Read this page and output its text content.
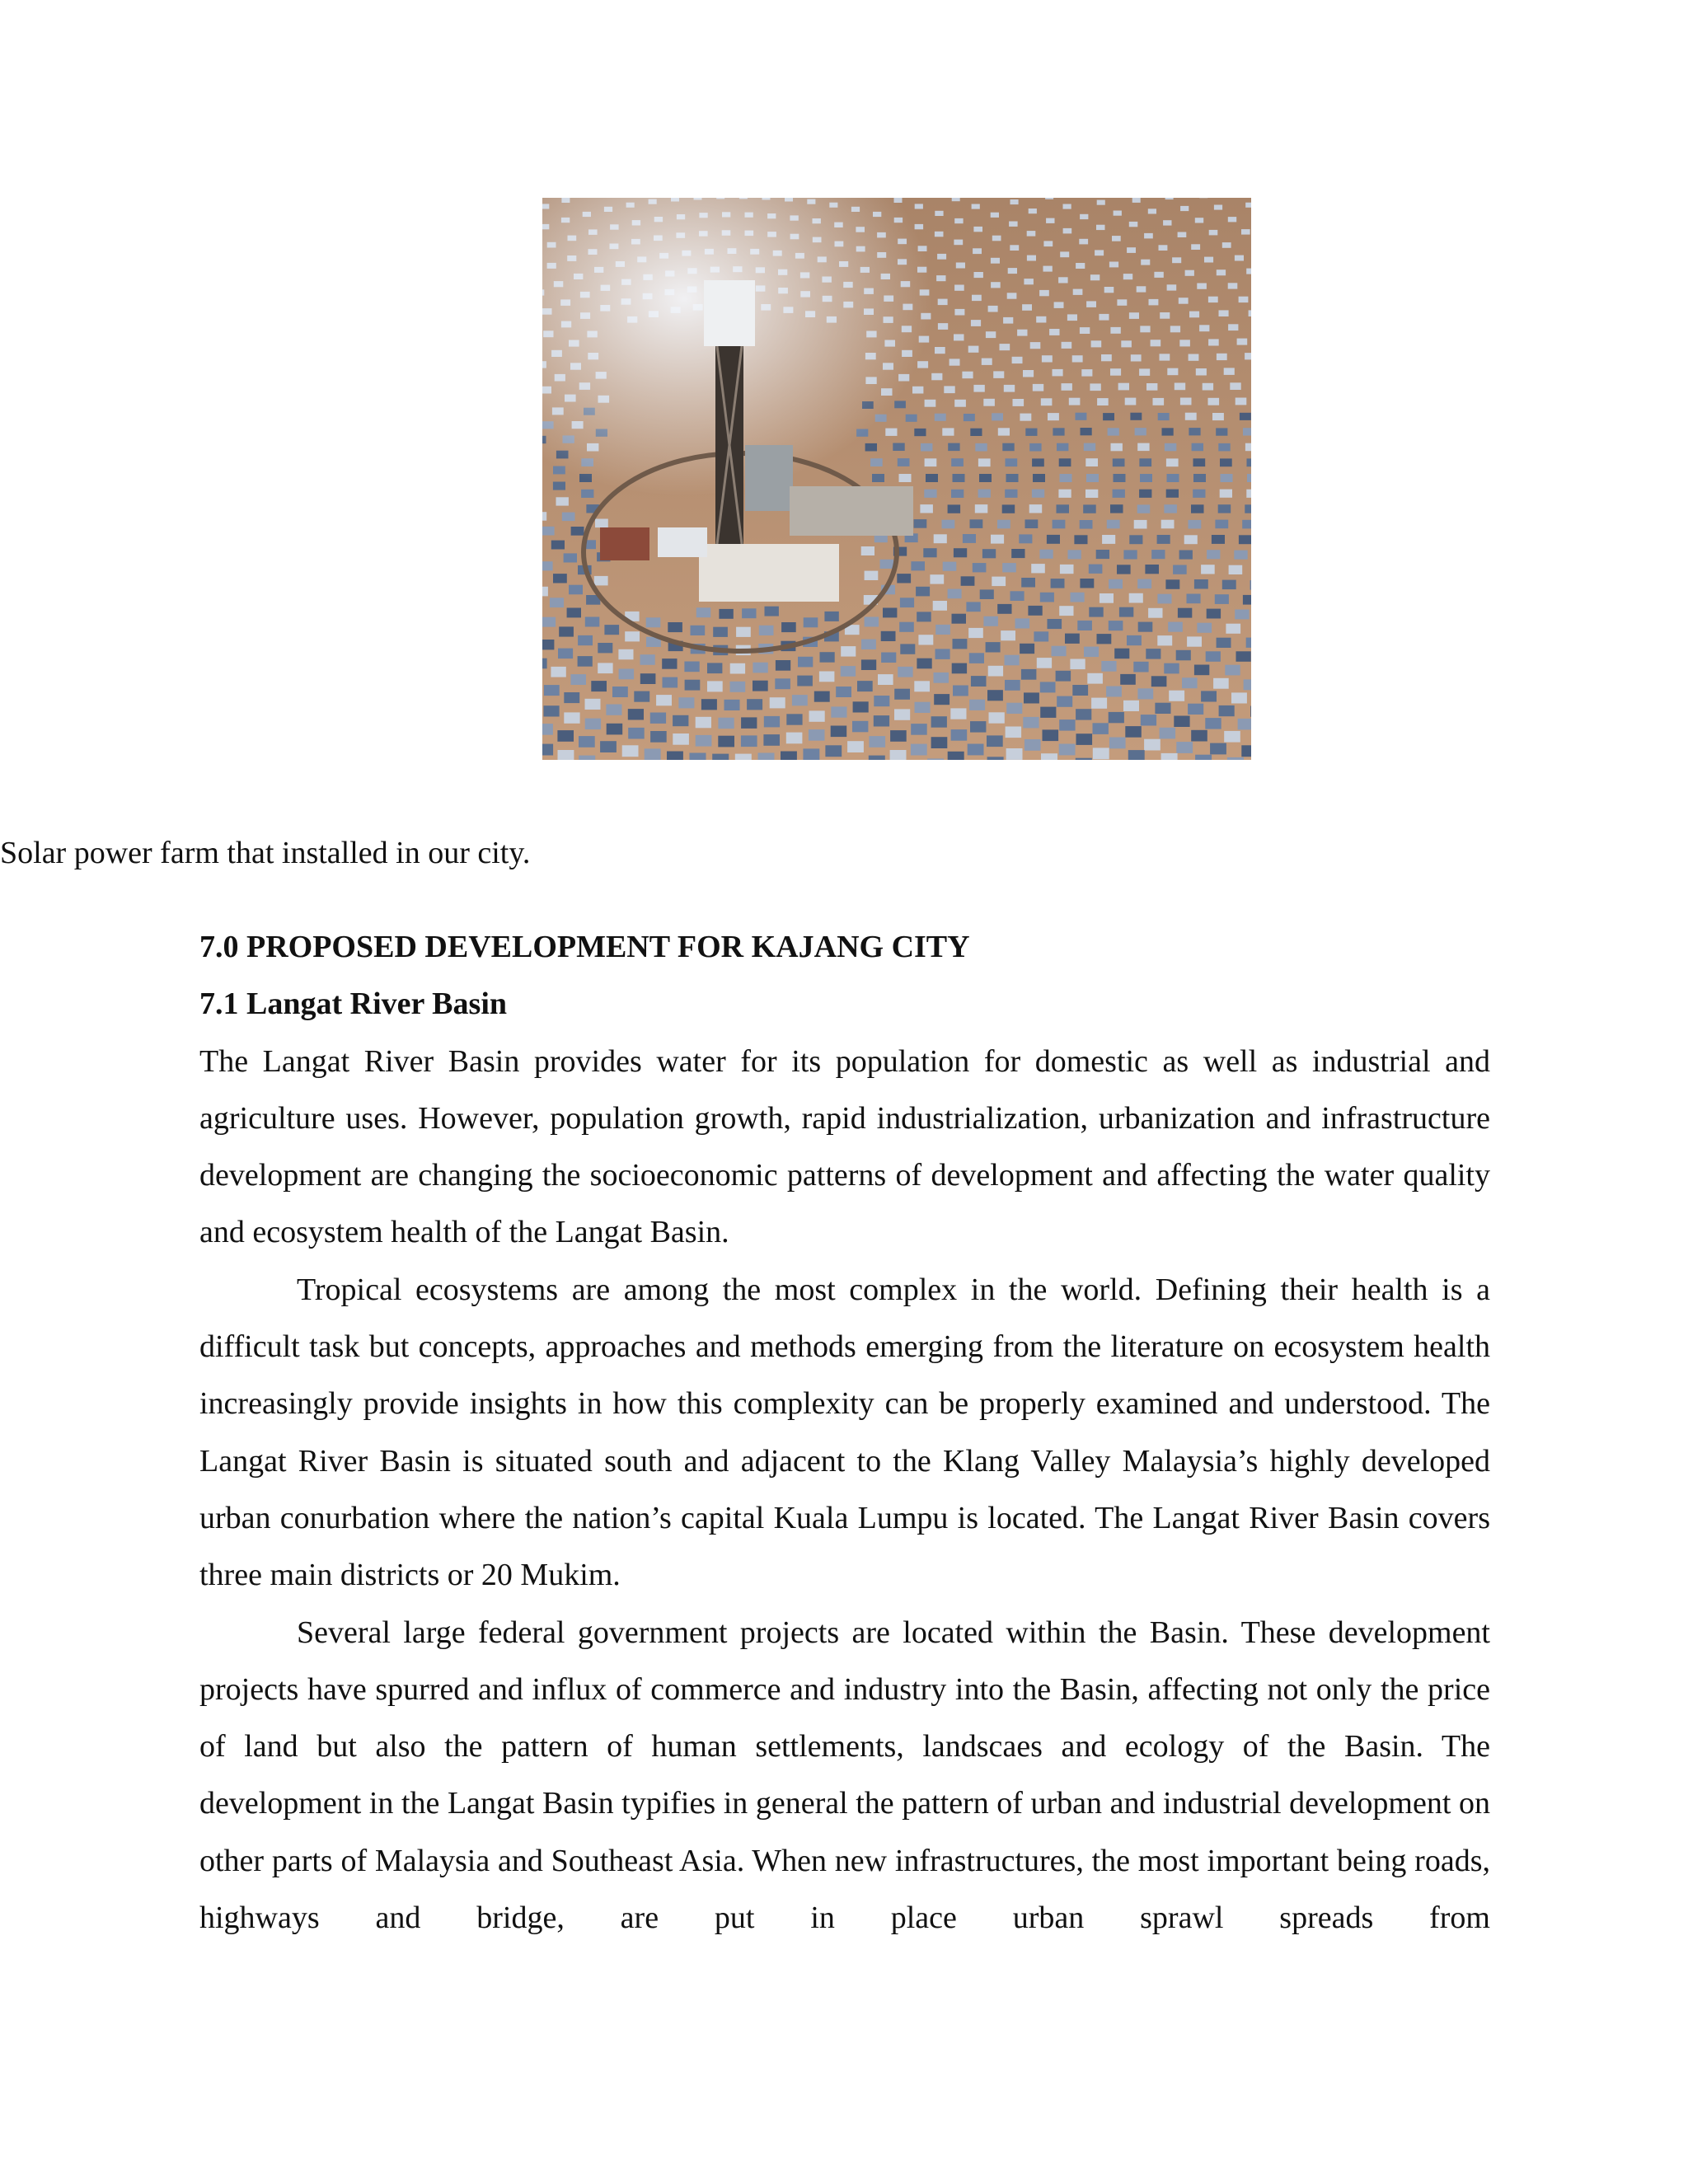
Solar power farm that installed in our city.

7.0 PROPOSED DEVELOPMENT FOR KAJANG CITY
7.1 Langat River Basin

The Langat River Basin provides water for its population for domestic as well as industrial and agriculture uses. However, population growth, rapid industrialization, urbanization and infrastructure development are changing the socioeconomic patterns of development and affecting the water quality and ecosystem health of the Langat Basin.

Tropical ecosystems are among the most complex in the world. Defining their health is a difficult task but concepts, approaches and methods emerging from the literature on ecosystem health increasingly provide insights in how this complexity can be properly examined and understood. The Langat River Basin is situated south and adjacent to the Klang Valley Malaysia’s highly developed urban conurbation where the nation’s capital Kuala Lumpu is located. The Langat River Basin covers three main districts or 20 Mukim.

Several large federal government projects are located within the Basin. These development projects have spurred and influx of commerce and industry into the Basin, affecting not only the price of land but also the pattern of human settlements, landscaes and ecology of the Basin. The development in the Langat Basin typifies in general the pattern of urban and industrial development on other parts of Malaysia and Southeast Asia. When new infrastructures, the most important being roads, highways and bridge, are put in place urban sprawl spreads from
